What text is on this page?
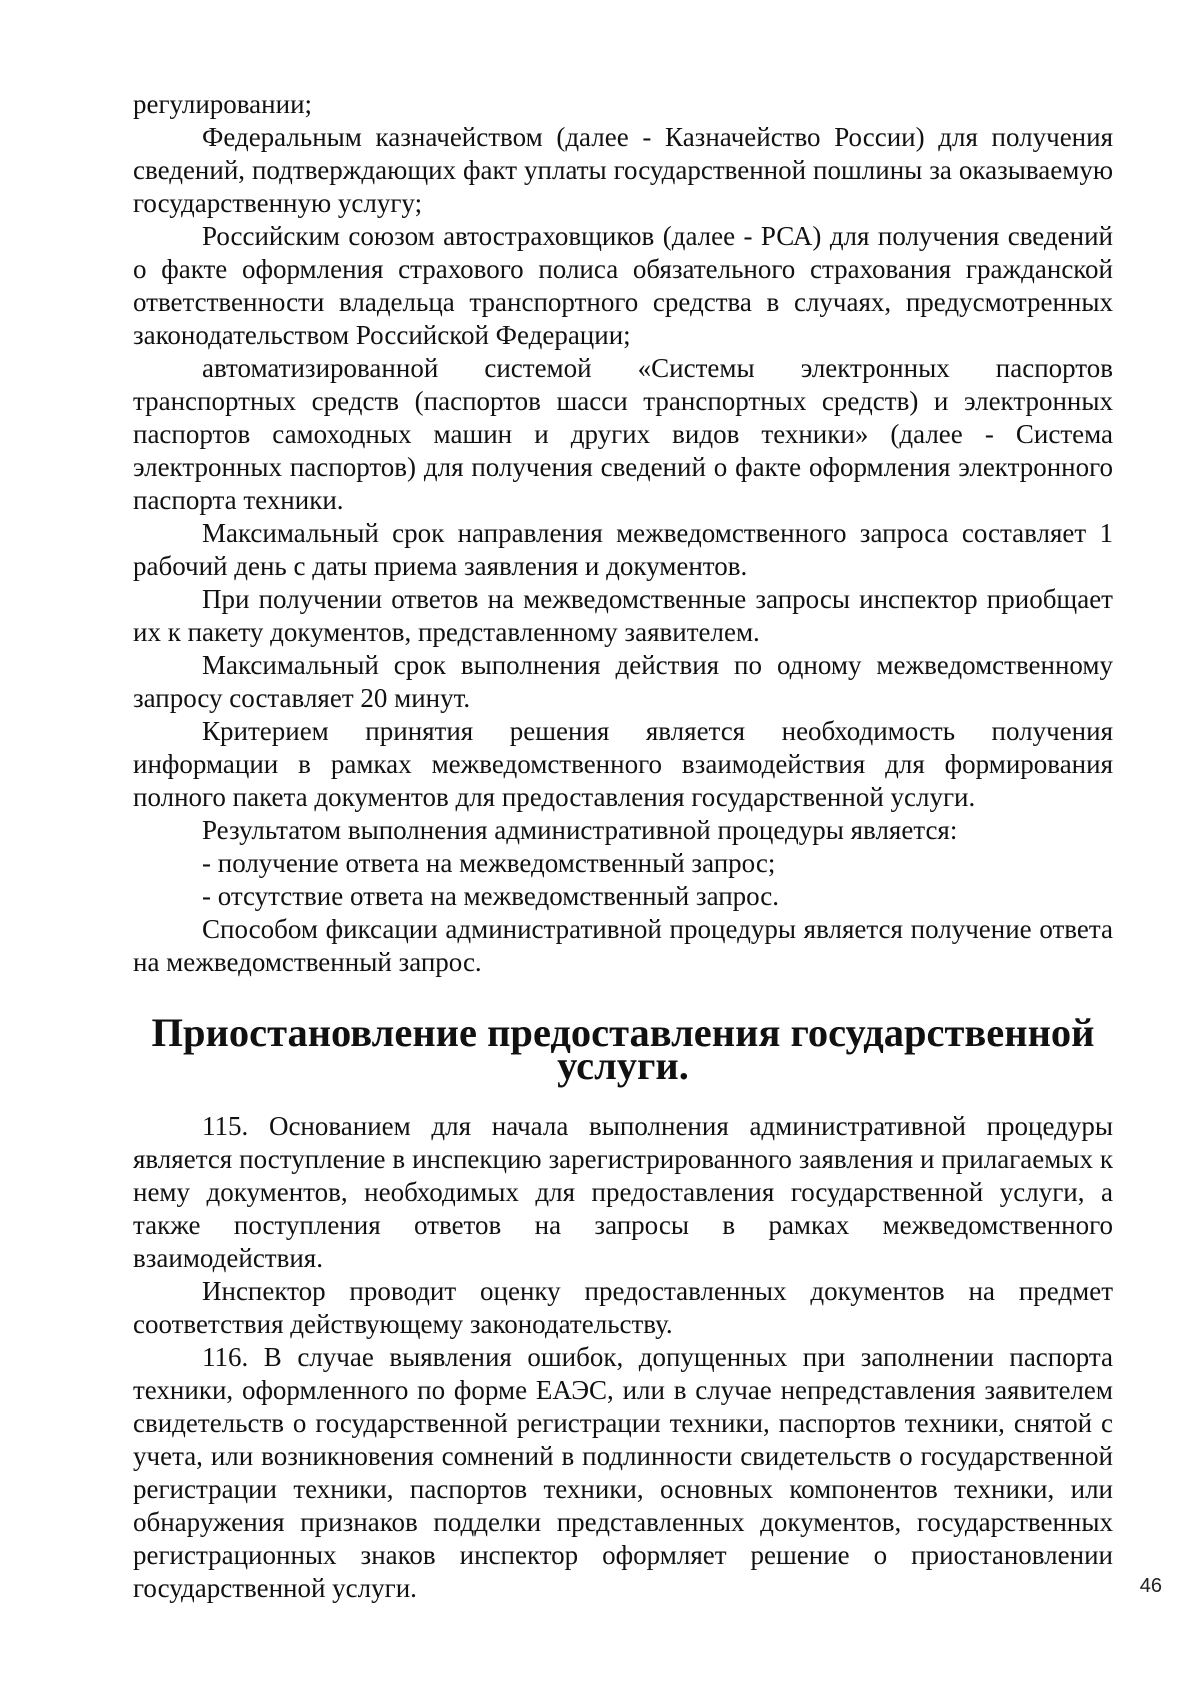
регулировании;

Федеральным казначейством (далее - Казначейство России) для получения сведений, подтверждающих факт уплаты государственной пошлины за оказываемую государственную услугу;

Российским союзом автостраховщиков (далее - РСА) для получения сведений о факте оформления страхового полиса обязательного страхования гражданской ответственности владельца транспортного средства в случаях, предусмотренных законодательством Российской Федерации;

автоматизированной системой «Системы электронных паспортов транспортных средств (паспортов шасси транспортных средств) и электронных паспортов самоходных машин и других видов техники» (далее - Система электронных паспортов) для получения сведений о факте оформления электронного паспорта техники.

Максимальный срок направления межведомственного запроса составляет 1 рабочий день с даты приема заявления и документов.

При получении ответов на межведомственные запросы инспектор приобщает их к пакету документов, представленному заявителем.

Максимальный срок выполнения действия по одному межведомственному запросу составляет 20 минут.

Критерием принятия решения является необходимость получения информации в рамках межведомственного взаимодействия для формирования полного пакета документов для предоставления государственной услуги.

Результатом выполнения административной процедуры является:

- получение ответа на межведомственный запрос;

- отсутствие ответа на межведомственный запрос.

Способом фиксации административной процедуры является получение ответа на межведомственный запрос.

Приостановление предоставления государственной услуги.

115. Основанием для начала выполнения административной процедуры является поступление в инспекцию зарегистрированного заявления и прилагаемых к нему документов, необходимых для предоставления государственной услуги, а также поступления ответов на запросы в рамках межведомственного взаимодействия.

Инспектор проводит оценку предоставленных документов на предмет соответствия действующему законодательству.

116. В случае выявления ошибок, допущенных при заполнении паспорта техники, оформленного по форме ЕАЭС, или в случае непредставления заявителем свидетельств о государственной регистрации техники, паспортов техники, снятой с учета, или возникновения сомнений в подлинности свидетельств о государственной регистрации техники, паспортов техники, основных компонентов техники, или обнаружения признаков подделки представленных документов, государственных регистрационных знаков инспектор оформляет решение о приостановлении государственной услуги.	46
